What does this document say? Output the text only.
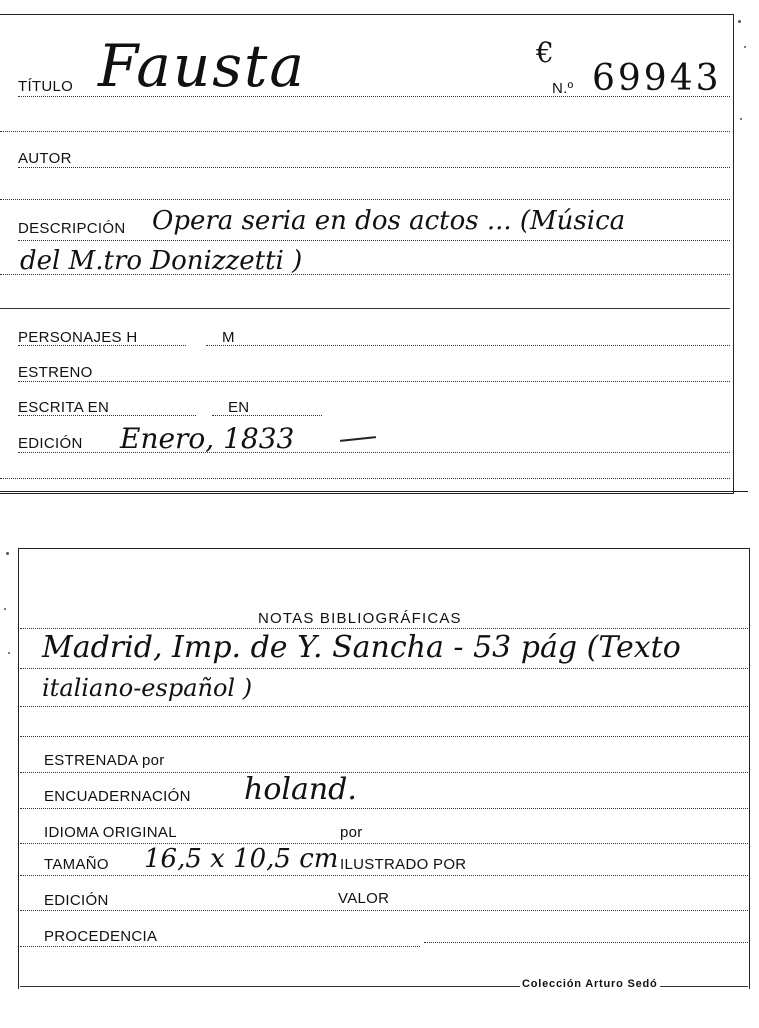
TÍTULO Fausta	€
N.º 69943
AUTOR
DESCRIPCIÓN Opera seria en dos actos ... (Música
del M.tro Donizzetti )
PERSONAJES H	M
ESTRENO
ESCRITA EN	EN
EDICIÓN Enero, 1833
NOTAS BIBLIOGRÁFICAS
Madrid, Imp. de Y. Sancha - 53 pág (Texto
italiano-español )
ESTRENADA por
ENCUADERNACIÓN holand.
IDIOMA ORIGINAL	por
TAMAÑO 16,5 x 10,5 cm ILUSTRADO POR
EDICIÓN	VALOR
PROCEDENCIA
Colección Arturo Sedó
